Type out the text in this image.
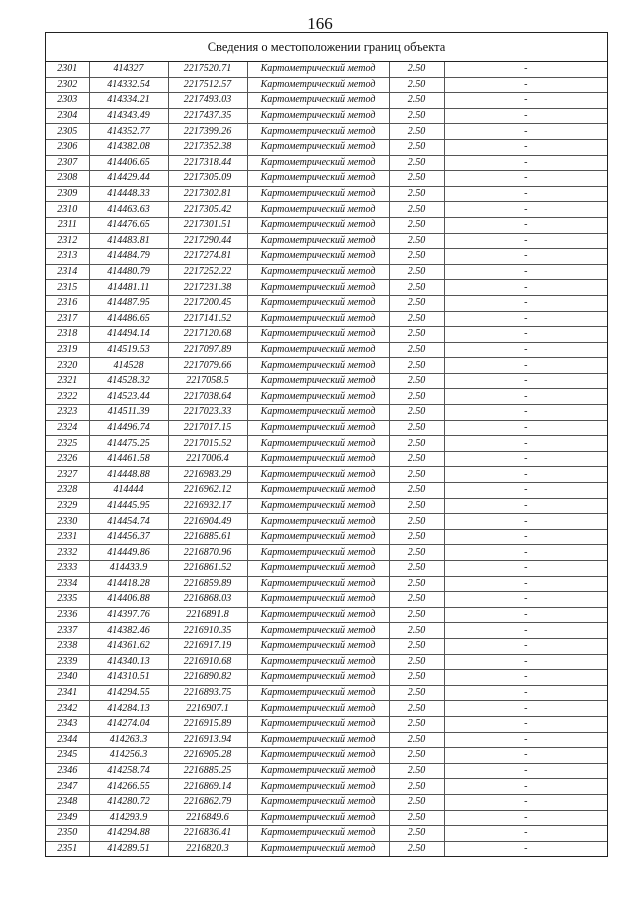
166
Сведения о местоположении границ объекта
2301	414327	2217520.71	Картометрический метод	2.50	-
2302	414332.54	2217512.57	Картометрический метод	2.50	-
2303	414334.21	2217493.03	Картометрический метод	2.50	-
2304	414343.49	2217437.35	Картометрический метод	2.50	-
2305	414352.77	2217399.26	Картометрический метод	2.50	-
2306	414382.08	2217352.38	Картометрический метод	2.50	-
2307	414406.65	2217318.44	Картометрический метод	2.50	-
2308	414429.44	2217305.09	Картометрический метод	2.50	-
2309	414448.33	2217302.81	Картометрический метод	2.50	-
2310	414463.63	2217305.42	Картометрический метод	2.50	-
2311	414476.65	2217301.51	Картометрический метод	2.50	-
2312	414483.81	2217290.44	Картометрический метод	2.50	-
2313	414484.79	2217274.81	Картометрический метод	2.50	-
2314	414480.79	2217252.22	Картометрический метод	2.50	-
2315	414481.11	2217231.38	Картометрический метод	2.50	-
2316	414487.95	2217200.45	Картометрический метод	2.50	-
2317	414486.65	2217141.52	Картометрический метод	2.50	-
2318	414494.14	2217120.68	Картометрический метод	2.50	-
2319	414519.53	2217097.89	Картометрический метод	2.50	-
2320	414528	2217079.66	Картометрический метод	2.50	-
2321	414528.32	2217058.5	Картометрический метод	2.50	-
2322	414523.44	2217038.64	Картометрический метод	2.50	-
2323	414511.39	2217023.33	Картометрический метод	2.50	-
2324	414496.74	2217017.15	Картометрический метод	2.50	-
2325	414475.25	2217015.52	Картометрический метод	2.50	-
2326	414461.58	2217006.4	Картометрический метод	2.50	-
2327	414448.88	2216983.29	Картометрический метод	2.50	-
2328	414444	2216962.12	Картометрический метод	2.50	-
2329	414445.95	2216932.17	Картометрический метод	2.50	-
2330	414454.74	2216904.49	Картометрический метод	2.50	-
2331	414456.37	2216885.61	Картометрический метод	2.50	-
2332	414449.86	2216870.96	Картометрический метод	2.50	-
2333	414433.9	2216861.52	Картометрический метод	2.50	-
2334	414418.28	2216859.89	Картометрический метод	2.50	-
2335	414406.88	2216868.03	Картометрический метод	2.50	-
2336	414397.76	2216891.8	Картометрический метод	2.50	-
2337	414382.46	2216910.35	Картометрический метод	2.50	-
2338	414361.62	2216917.19	Картометрический метод	2.50	-
2339	414340.13	2216910.68	Картометрический метод	2.50	-
2340	414310.51	2216890.82	Картометрический метод	2.50	-
2341	414294.55	2216893.75	Картометрический метод	2.50	-
2342	414284.13	2216907.1	Картометрический метод	2.50	-
2343	414274.04	2216915.89	Картометрический метод	2.50	-
2344	414263.3	2216913.94	Картометрический метод	2.50	-
2345	414256.3	2216905.28	Картометрический метод	2.50	-
2346	414258.74	2216885.25	Картометрический метод	2.50	-
2347	414266.55	2216869.14	Картометрический метод	2.50	-
2348	414280.72	2216862.79	Картометрический метод	2.50	-
2349	414293.9	2216849.6	Картометрический метод	2.50	-
2350	414294.88	2216836.41	Картометрический метод	2.50	-
2351	414289.51	2216820.3	Картометрический метод	2.50	-
